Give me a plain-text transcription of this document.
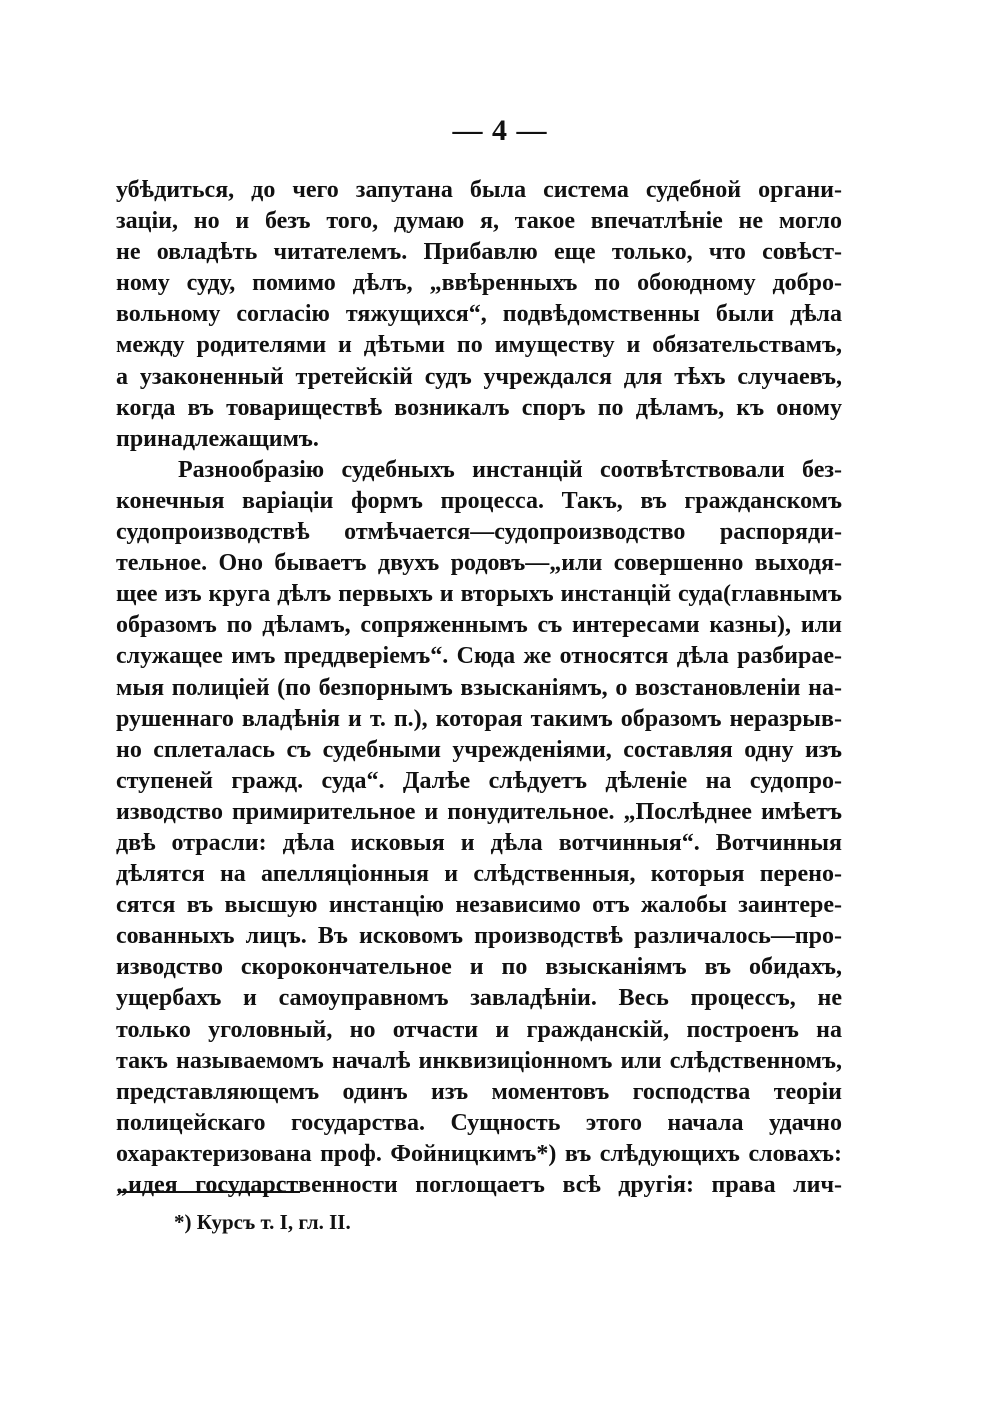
— 4 —
убѣдиться, до чего запутана была система судебной органи-
заціи, но и безъ того, думаю я, такое впечатлѣніе не могло
не овладѣть читателемъ. Прибавлю еще только, что совѣст-
ному суду, помимо дѣлъ, „ввѣренныхъ по обоюдному добро-
вольному согласію тяжущихся“, подвѣдомственны были дѣла
между родителями и дѣтьми по имуществу и обязательствамъ,
а узаконенный третейскій судъ учреждался для тѣхъ случаевъ,
когда въ товариществѣ возникалъ споръ по дѣламъ, къ оному
принадлежащимъ.
Разнообразію судебныхъ инстанцій соотвѣтствовали без-
конечныя варіаціи формъ процесса. Такъ, въ гражданскомъ
судопроизводствѣ отмѣчается—судопроизводство распоряди-
тельное. Оно бываетъ двухъ родовъ—„или совершенно выходя-
щее изъ круга дѣлъ первыхъ и вторыхъ инстанцій суда(главнымъ
образомъ по дѣламъ, сопряженнымъ съ интересами казны), или
служащее имъ преддверіемъ“. Сюда же относятся дѣла разбирае-
мыя полиціей (по безпорнымъ взысканіямъ, о возстановленіи на-
рушеннаго владѣнія и т. п.), которая такимъ образомъ неразрыв-
но сплеталась съ судебными учрежденіями, составляя одну изъ
ступеней гражд. суда“. Далѣе слѣдуетъ дѣленіе на судопро-
изводство примирительное и понудительное. „Послѣднее имѣетъ
двѣ отрасли: дѣла исковыя и дѣла вотчинныя“. Вотчинныя
дѣлятся на апелляціонныя и слѣдственныя, которыя перено-
сятся въ высшую инстанцію независимо отъ жалобы заинтере-
сованныхъ лицъ. Въ исковомъ производствѣ различалось—про-
изводство скорокончательное и по взысканіямъ въ обидахъ,
ущербахъ и самоуправномъ завладѣніи. Весь процессъ, не
только уголовный, но отчасти и гражданскій, построенъ на
такъ называемомъ началѣ инквизиціонномъ или слѣдственномъ,
представляющемъ одинъ изъ моментовъ господства теоріи
полицейскаго государства. Сущность этого начала удачно
охарактеризована проф. Фойницкимъ*) въ слѣдующихъ словахъ:
„идея государственности поглощаетъ всѣ другія: права лич-
*) Курсъ т. I, гл. II.
